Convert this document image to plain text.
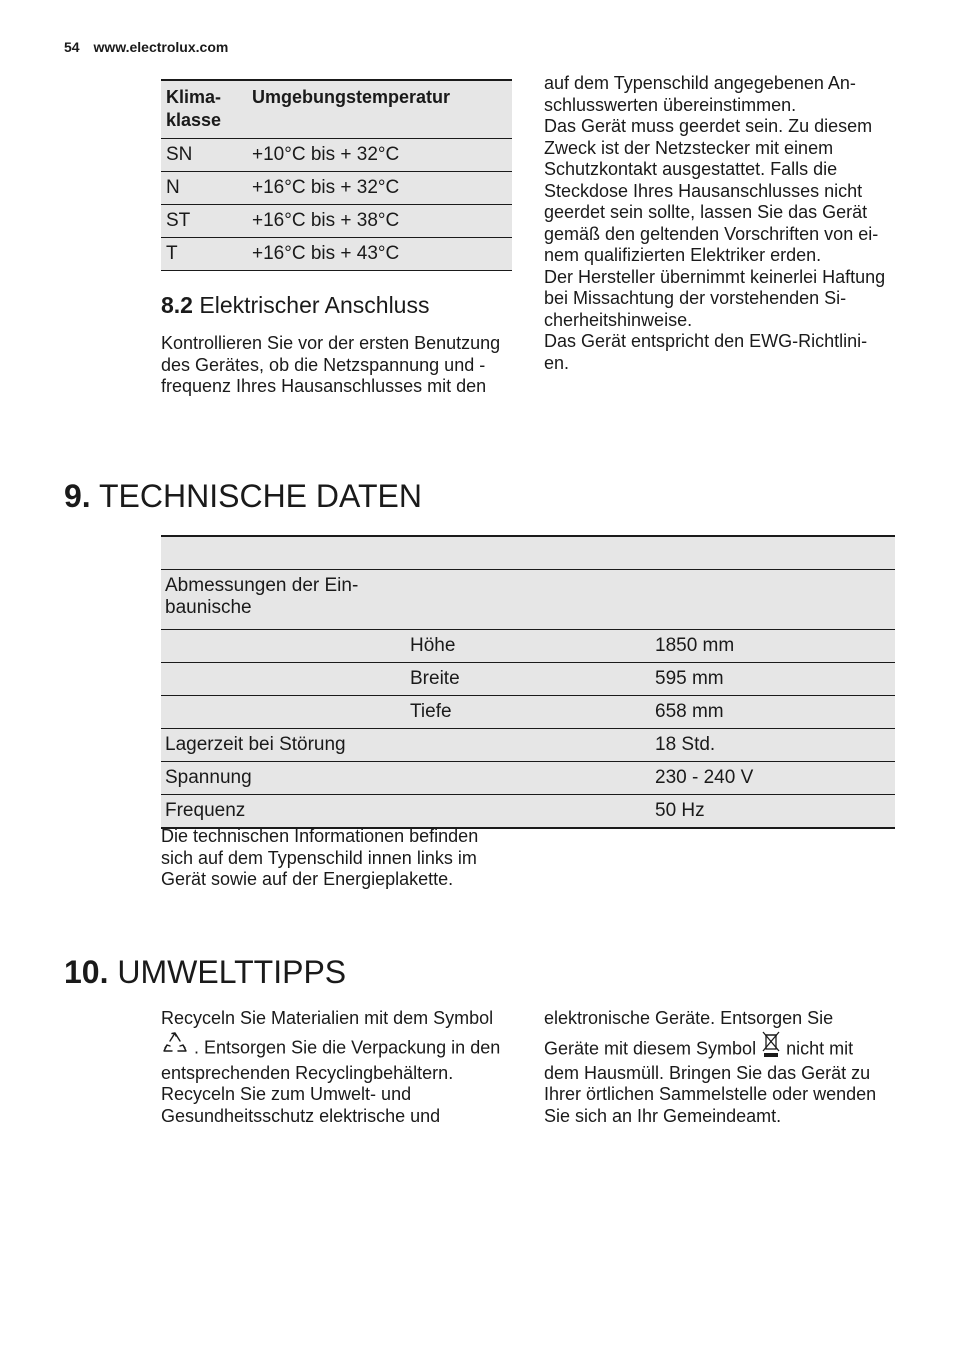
54 www.electrolux.com
Klima-
klasse	Umgebungstemperatur
SN	+10°C bis + 32°C
N	+16°C bis + 32°C
ST	+16°C bis + 38°C
T	+16°C bis + 43°C
8.2 Elektrischer Anschluss
Kontrollieren Sie vor der ersten Benutzung
des Gerätes, ob die Netzspannung und -
frequenz Ihres Hausanschlusses mit den
auf dem Typenschild angegebenen An-
schlusswerten übereinstimmen.
Das Gerät muss geerdet sein. Zu diesem
Zweck ist der Netzstecker mit einem
Schutzkontakt ausgestattet. Falls die
Steckdose Ihres Hausanschlusses nicht
geerdet sein sollte, lassen Sie das Gerät
gemäß den geltenden Vorschriften von ei-
nem qualifizierten Elektriker erden.
Der Hersteller übernimmt keinerlei Haftung
bei Missachtung der vorstehenden Si-
cherheitshinweise.
Das Gerät entspricht den EWG-Richtlini-
en.
9. TECHNISCHE DATEN

Abmessungen der Ein-
baunische		

	Höhe	1850 mm
	Breite	595 mm
	Tiefe	658 mm
Lagerzeit bei Störung		18 Std.
Spannung		230 - 240 V
Frequenz		50 Hz
Die technischen Informationen befinden
sich auf dem Typenschild innen links im
Gerät sowie auf der Energieplakette.
10. UMWELTTIPPS
Recyceln Sie Materialien mit dem Symbol
. Entsorgen Sie die Verpackung in den
entsprechenden Recyclingbehältern.
Recyceln Sie zum Umwelt- und
Gesundheitsschutz elektrische und
elektronische Geräte. Entsorgen Sie
Geräte mit diesem Symbol nicht mit
dem Hausmüll. Bringen Sie das Gerät zu
Ihrer örtlichen Sammelstelle oder wenden
Sie sich an Ihr Gemeindeamt.
